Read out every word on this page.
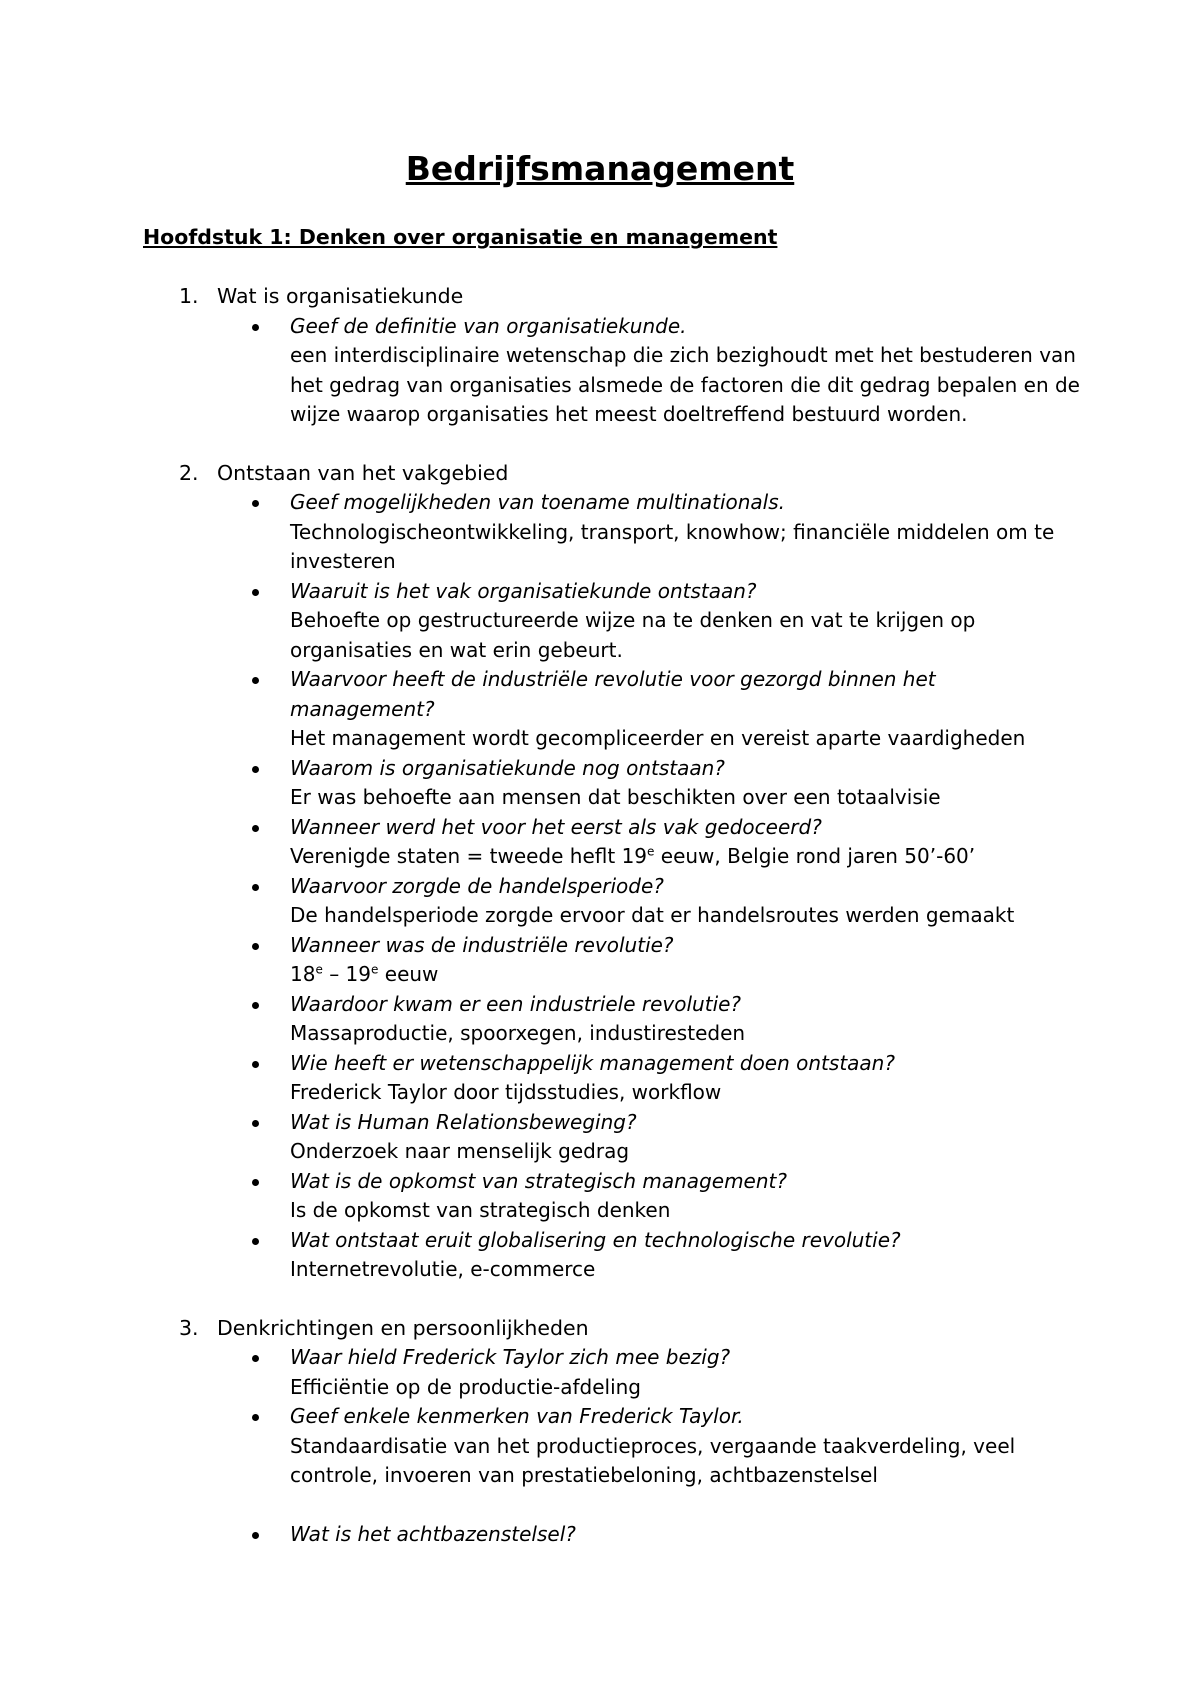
Bedrijfsmanagement
Hoofdstuk 1: Denken over organisatie en management
1. Wat is organisatiekunde
Geef de definitie van organisatiekunde.
een interdisciplinaire wetenschap die zich bezighoudt met het bestuderen van het gedrag van organisaties alsmede de factoren die dit gedrag bepalen en de wijze waarop organisaties het meest doeltreffend bestuurd worden.
2. Ontstaan van het vakgebied
Geef mogelijkheden van toename multinationals.
Technologischeontwikkeling, transport, knowhow; financiële middelen om te investeren
Waaruit is het vak organisatiekunde ontstaan?
Behoefte op gestructureerde wijze na te denken en vat te krijgen op organisaties en wat erin gebeurt.
Waarvoor heeft de industriële revolutie voor gezorgd binnen het management?
Het management wordt gecompliceerder en vereist aparte vaardigheden
Waarom is organisatiekunde nog ontstaan?
Er was behoefte aan mensen dat beschikten over een totaalvisie
Wanneer werd het voor het eerst als vak gedoceerd?
Verenigde staten = tweede heflt 19e eeuw, Belgie rond jaren 50’-60’
Waarvoor zorgde de handelsperiode?
De handelsperiode zorgde ervoor dat er handelsroutes werden gemaakt
Wanneer was de industriële revolutie?
18e – 19e eeuw
Waardoor kwam er een industriele revolutie?
Massaproductie, spoorxegen, industiresteden
Wie heeft er wetenschappelijk management doen ontstaan?
Frederick Taylor door tijdsstudies, workflow
Wat is Human Relationsbeweging?
Onderzoek naar menselijk gedrag
Wat is de opkomst van strategisch management?
Is de opkomst van strategisch denken
Wat ontstaat eruit globalisering en technologische revolutie?
Internetrevolutie, e-commerce
3. Denkrichtingen en persoonlijkheden
Waar hield Frederick Taylor zich mee bezig?
Efficiëntie op de productie-afdeling
Geef enkele kenmerken van Frederick Taylor.
Standaardisatie van het productieproces, vergaande taakverdeling, veel controle, invoeren van prestatiebeloning, achtbazenstelsel
Wat is het achtbazenstelsel?
